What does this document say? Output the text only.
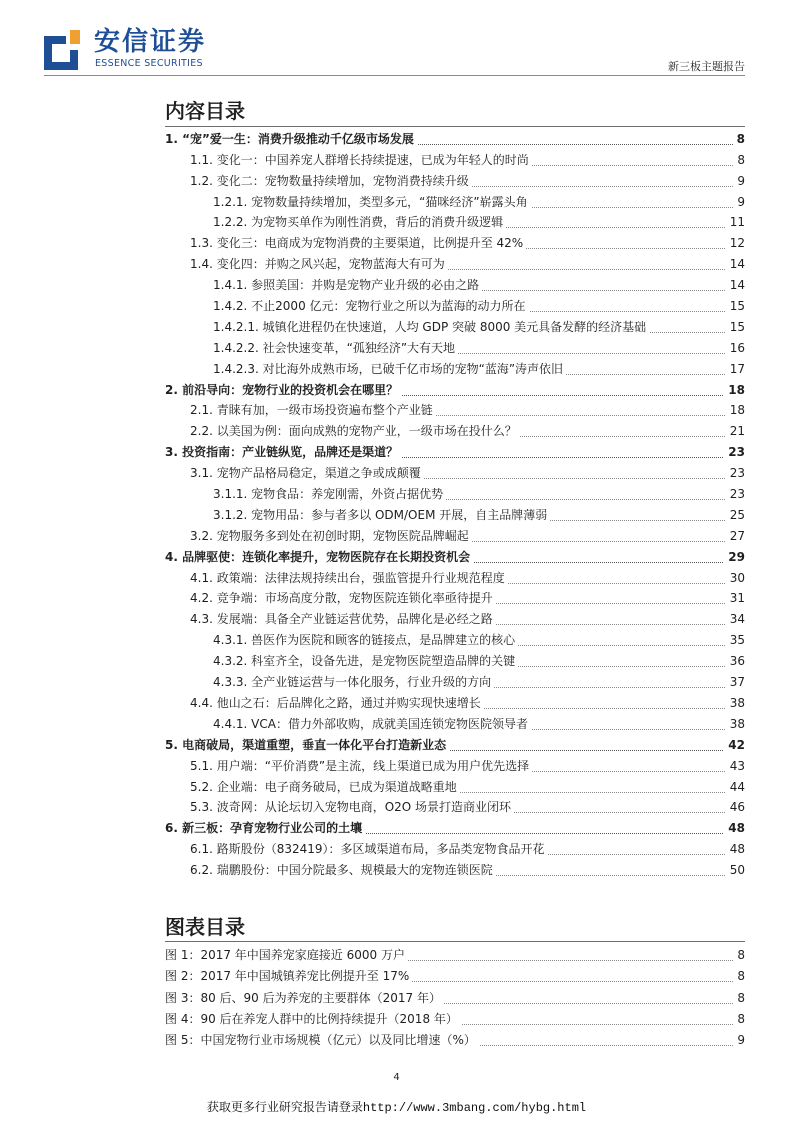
安信证券
ESSENCE SECURITIES	新三板主题报告
内容目录
1. “宠”爱一生：消费升级推动千亿级市场发展	8
1.1. 变化一：中国养宠人群增长持续提速，已成为年轻人的时尚	8
1.2. 变化二：宠物数量持续增加，宠物消费持续升级	9
1.2.1. 宠物数量持续增加，类型多元，“猫咪经济”崭露头角	9
1.2.2. 为宠物买单作为刚性消费，背后的消费升级逻辑	11
1.3. 变化三：电商成为宠物消费的主要渠道，比例提升至 42%	12
1.4. 变化四：并购之风兴起，宠物蓝海大有可为	14
1.4.1. 参照美国：并购是宠物产业升级的必由之路	14
1.4.2. 不止2000 亿元：宠物行业之所以为蓝海的动力所在	15
1.4.2.1. 城镇化进程仍在快速道，人均 GDP 突破 8000 美元具备发酵的经济基础	15
1.4.2.2. 社会快速变革，“孤独经济”大有天地	16
1.4.2.3. 对比海外成熟市场，已破千亿市场的宠物“蓝海”涛声依旧	17
2. 前沿导向：宠物行业的投资机会在哪里？	18
2.1. 青睐有加，一级市场投资遍布整个产业链	18
2.2. 以美国为例：面向成熟的宠物产业，一级市场在投什么？	21
3. 投资指南：产业链纵览，品牌还是渠道？	23
3.1. 宠物产品格局稳定，渠道之争或成颠覆	23
3.1.1. 宠物食品：养宠刚需，外资占据优势	23
3.1.2. 宠物用品：参与者多以 ODM/OEM 开展，自主品牌薄弱	25
3.2. 宠物服务多到处在初创时期，宠物医院品牌崛起	27
4. 品牌驱使：连锁化率提升，宠物医院存在长期投资机会	29
4.1. 政策端：法律法规持续出台，强监管提升行业规范程度	30
4.2. 竞争端：市场高度分散，宠物医院连锁化率亟待提升	31
4.3. 发展端：具备全产业链运营优势，品牌化是必经之路	34
4.3.1. 兽医作为医院和顾客的链接点，是品牌建立的核心	35
4.3.2. 科室齐全，设备先进，是宠物医院塑造品牌的关键	36
4.3.3. 全产业链运营与一体化服务，行业升级的方向	37
4.4. 他山之石：后品牌化之路，通过并购实现快速增长	38
4.4.1. VCA：借力外部收购，成就美国连锁宠物医院领导者	38
5. 电商破局，渠道重塑，垂直一体化平台打造新业态	42
5.1. 用户端：“平价消费”是主流，线上渠道已成为用户优先选择	43
5.2. 企业端：电子商务破局，已成为渠道战略重地	44
5.3. 波奇网：从论坛切入宠物电商，O2O 场景打造商业闭环	46
6. 新三板：孕育宠物行业公司的土壤	48
6.1. 路斯股份（832419）：多区域渠道布局，多品类宠物食品开花	48
6.2. 瑞鹏股份：中国分院最多、规模最大的宠物连锁医院	50
图表目录
图 1：2017 年中国养宠家庭接近 6000 万户	8
图 2：2017 年中国城镇养宠比例提升至 17%	8
图 3：80 后、90 后为养宠的主要群体（2017 年）	8
图 4：90 后在养宠人群中的比例持续提升（2018 年）	8
图 5：中国宠物行业市场规模（亿元）以及同比增速（%）	9
4
获取更多行业研究报告请登录http://www.3mbang.com/hybg.html
